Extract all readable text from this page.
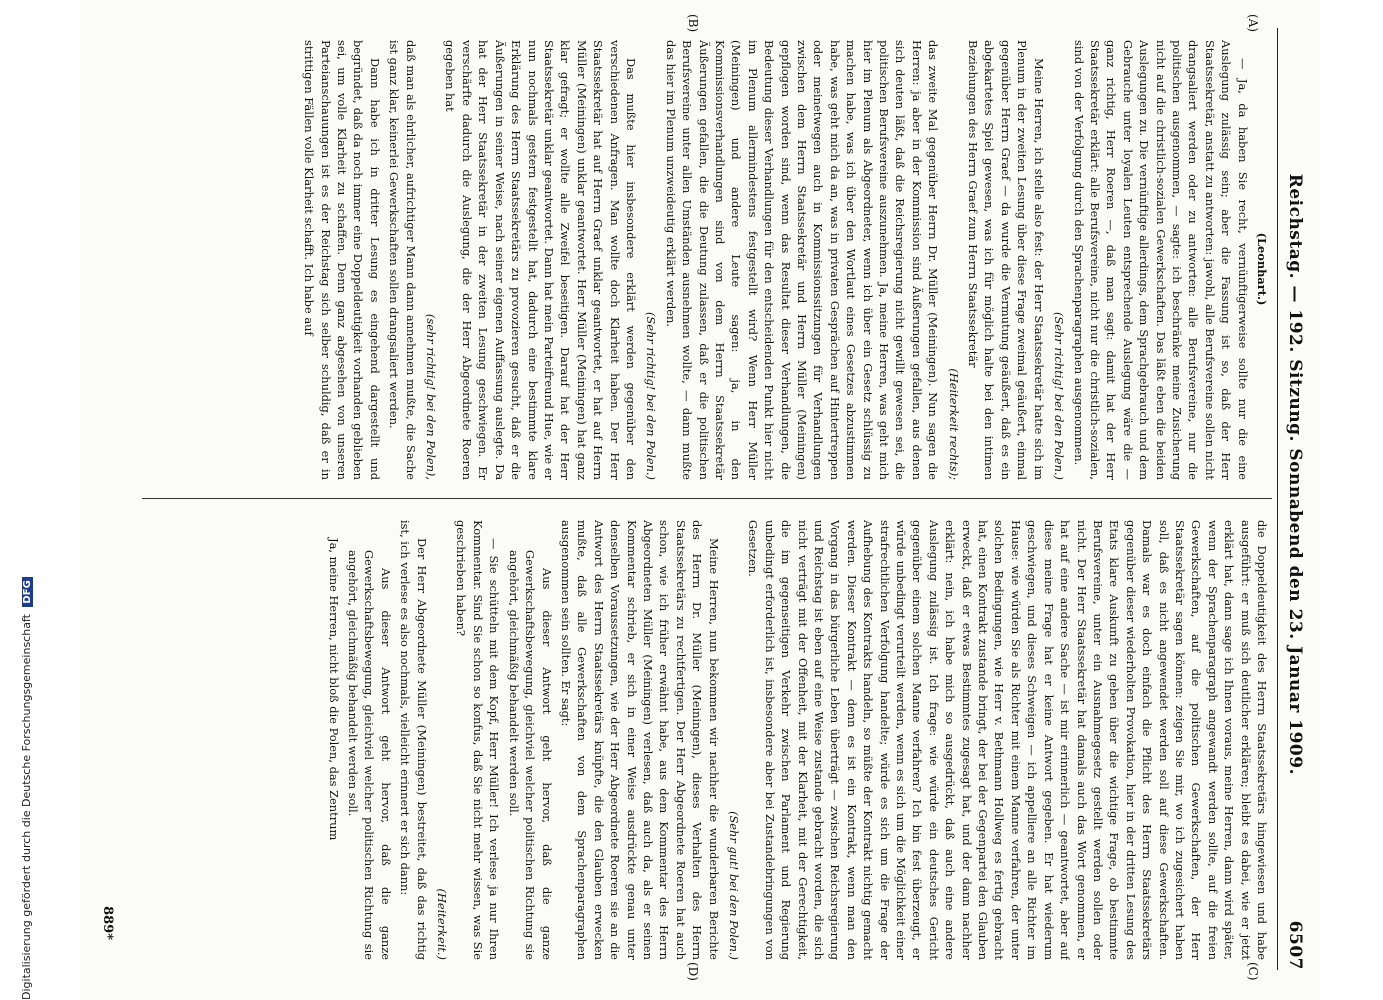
Digitalisierung gefördert durch die Deutsche Forschungsgemeinschaft DFG	Reichstag. — 192. Sitzung. Sonnabend den 23. Januar 1909.
6507
(A)
(B)
(C)
(D)

(Leonhart.)

— Ja, da haben Sie recht, vernünftigerweise sollte nur die eine Auslegung zulässig sein; aber die Fassung ist so, daß der Herr Staatssekretär, anstatt zu antworten: jawohl, alle Berufsvereine sollen nicht drangsaliert werden oder zu antworten: alle Berufsvereine, nur die politischen ausgenommen, — sagte: ich beschränke meine Zusicherung nicht auf die christlich-sozialen Gewerkschaften. Das läßt eben die beiden Auslegungen zu. Die vernünftige allerdings, dem Sprachgebrauch und dem Gebrauche unter loyalen Leuten entsprechende Auslegung wäre die — ganz richtig, Herr Roeren —, daß man sagt: damit hat der Herr Staatssekretär erklärt: alle Berufsvereine, nicht nur die christlich-sozialen, sind von der Verfolgung durch den Sprachenparagraphen ausgenommen.

(Sehr richtig! bei den Polen.)

Meine Herren, ich stelle also fest: der Herr Staatssekretär hatte sich im Plenum in der zweiten Lesung über diese Frage zweimal geäußert, einmal gegenüber Herrn Graef — da wurde die Vermutung geäußert, daß es ein abgekartetes Spiel gewesen, was ich für möglich halte bei den intimen Beziehungen des Herrn Graef zum Herrn Staatssekretär

(Heiterkeit rechts);

das zweite Mal gegenüber Herrn Dr. Müller (Meiningen). Nun sagen die Herren: ja aber in der Kommission sind Äußerungen gefallen, aus denen sich deuten läßt, daß die Reichsregierung nicht gewillt gewesen sei, die politischen Berufsvereine auszunehmen. Ja, meine Herren, was geht mich hier im Plenum als Abgeordneter, wenn ich über ein Gesetz schlüssig zu machen habe, was ich über den Wortlaut eines Gesetzes abzustimmen habe, was geht mich da an, was in privaten Gesprächen auf Hintertreppen oder meinetwegen auch in Kommissionssitzungen für Verhandlungen zwischen dem Herrn Staatssekretär und Herrn Müller (Meiningen) gepflogen worden sind, wenn das Resultat dieser Verhandlungen, die Bedeutung dieser Verhandlungen für den entscheidenden Punkt hier nicht im Plenum allermindestens festgestellt wird? Wenn Herr Müller (Meiningen) und andere Leute sagen: ja, in den Kommissionsverhandlungen sind von dem Herrn Staatssekretär Äußerungen gefallen, die die Deutung zulassen, daß er die politischen Berufsvereine unter allen Umständen ausnehmen wollte, — dann mußte das hier im Plenum unzweideutig erklärt werden.

(Sehr richtig! bei den Polen.)

Das mußte hier insbesondere erklärt werden gegenüber den verschiedenen Anfragen. Man wollte doch Klarheit haben. Der Herr Staatssekretär hat auf Herrn Graef unklar geantwortet, er hat auf Herrn Müller (Meiningen) unklar geantwortet. Herr Müller (Meiningen) hat ganz klar gefragt; er wollte alle Zweifel beseitigen. Darauf hat der Herr Staatssekretär unklar geantwortet. Dann hat mein Parteifreund Hue, wie er nun nochmals gestern festgestellt hat, dadurch eine bestimmte klare Erklärung des Herrn Staatssekretärs zu provozieren gesucht, daß er die Äußerungen in seiner Weise, nach seiner eigenen Auffassung auslegte. Da hat der Herr Staatssekretär in der zweiten Lesung geschwiegen. Er verschärfte dadurch die Auslegung, die der Herr Abgeordnete Roeren gegeben hat

(sehr richtig! bei den Polen),

daß man als ehrlicher, aufrichtiger Mann dann annehmen mußte, die Sache ist ganz klar, keinerlei Gewerkschaften sollen drangsaliert werden.

Dann habe ich in dritter Lesung es eingehend dargestellt und begründet, daß da noch immer eine Doppeldeutigkeit vorhanden geblieben sei, um volle Klarheit zu schaffen. Denn ganz abgesehen von unseren Parteianschauungen ist es der Reichstag sich selber schuldig, daß er in strittigen Fällen volle Klarheit schafft. Ich habe auf

die Doppeldeutigkeit des Herrn Staatssekretärs hingewiesen und habe ausgeführt: er muß sich deutlicher erklären; bleibt es dabei, wie er jetzt erklärt hat, dann sage ich Ihnen voraus, meine Herren, dann wird später, wenn der Sprachenparagraph angewandt werden sollte, auf die freien Gewerkschaften, auf die politischen Gewerkschaften, der Herr Staatssekretär sagen können: zeigen Sie mir, wo ich zugesichert haben soll, daß es nicht angewendet werden soll auf diese Gewerkschaften. Damals war es doch einfach die Pflicht des Herrn Staatssekretärs gegenüber dieser wiederholten Provokation, hier in der dritten Lesung des Etats klare Auskunft zu geben über die wichtige Frage, ob bestimmte Berufsvereine, unter ein Ausnahmegesetz gestellt werden sollen oder nicht. Der Herr Staatssekretär hat damals auch das Wort genommen, er hat auf eine andere Sache — ist mir erinnerlich — geantwortet, aber auf diese meine Frage hat er keine Antwort gegeben. Er hat wiederum geschwiegen, und dieses Schweigen — ich appelliere an alle Richter im Hause: wie würden Sie als Richter mit einem Manne verfahren, der unter solchen Bedingungen, wie Herr v. Bethmann Hollweg es fertig gebracht hat, einen Kontrakt zustande bringt, der bei der Gegenpartei den Glauben erweckt, daß er etwas Bestimmtes zugesagt hat, und der dann nachher erklärt: nein, ich habe mich so ausgedrückt, daß auch eine andere Auslegung zulässig ist. Ich frage: wie würde ein deutsches Gericht gegenüber einem solchen Manne verfahren? Ich bin fest überzeugt, er würde unbedingt verurteilt werden, wenn es sich um die Möglichkeit einer strafrechtlichen Verfolgung handelte; würde es sich um die Frage der Aufhebung des Kontrakts handeln, so müßte der Kontrakt nichtig gemacht werden. Dieser Kontrakt — denn es ist ein Kontrakt, wenn man den Vorgang in das bürgerliche Leben überträgt — zwischen Reichsregierung und Reichstag ist eben auf eine Weise zustande gebracht worden, die sich nicht verträgt mit der Offenheit, mit der Klarheit, mit der Gerechtigkeit, die im gegenseitigen Verkehr zwischen Parlament und Regierung unbedingt erforderlich ist, insbesondere aber bei Zustandebringungen von Gesetzen.

(Sehr gut! bei den Polen.)

Meine Herren, nun bekommen wir nachher die wunderbaren Berichte des Herrn Dr. Müller (Meiningen), dieses Verhalten des Herrn Staatssekretärs zu rechtfertigen. Der Herr Abgeordnete Roeren hat auch schon, wie ich früher erwähnt habe, aus dem Kommentar des Herrn Abgeordneten Müller (Meiningen) verlesen, daß auch da, als er seinen Kommentar schrieb, er sich in einer Weise ausdrückte genau unter denselben Voraussetzungen, wie der Herr Abgeordnete Roeren sie an die Antwort des Herrn Staatssekretärs knüpfte, die den Glauben erwecken mußte, daß alle Gewerkschaften von dem Sprachenparagraphen ausgenommen sein sollten. Er sagt:

Aus dieser Antwort geht hervor, daß die ganze Gewerkschaftsbewegung, gleichviel welcher politischen Richtung sie angehört, gleichmäßig behandelt werden soll.

— Sie schütteln mit dem Kopf, Herr Müller! Ich verlese ja nur Ihren Kommentar. Sind Sie schon so konfus, daß Sie nicht mehr wissen, was Sie geschrieben haben?

(Heiterkeit.)

Der Herr Abgeordnete Müller (Meiningen) bestreitet, daß das richtig ist, ich verlese es also nochmals, vielleicht erinnert er sich dann:

Aus dieser Antwort geht hervor, daß die ganze Gewerkschaftsbewegung, gleichviel welcher politischen Richtung sie angehört, gleichmäßig behandelt werden soll.

Ja, meine Herren, nicht bloß die Polen, das Zentrum

889*
